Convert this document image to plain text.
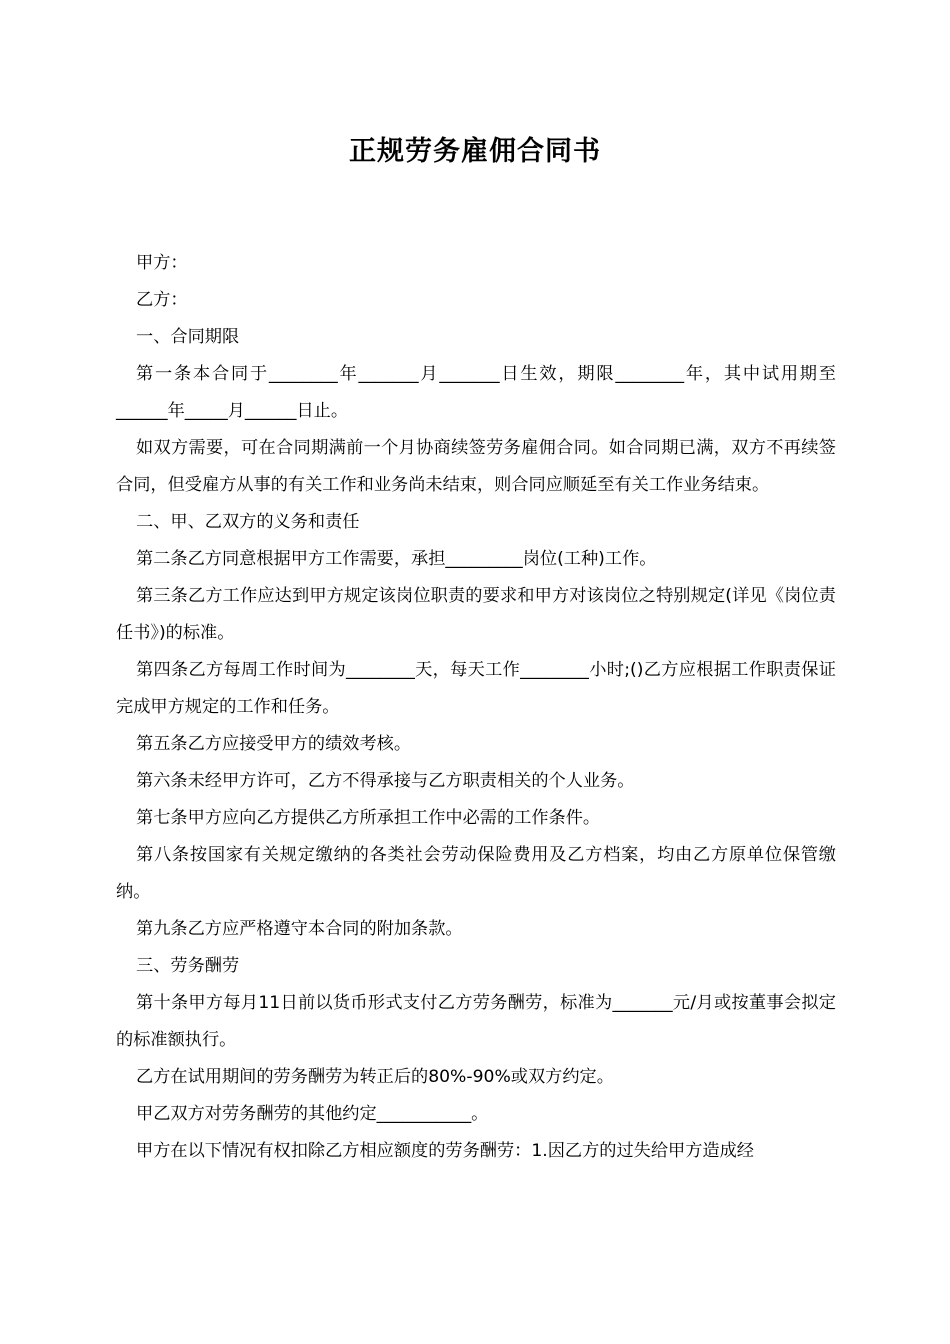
正规劳务雇佣合同书

甲方：

乙方：

一、合同期限

第一条本合同于________年_______月_______日生效，期限________年，其中试用期至______年_____月______日止。

如双方需要，可在合同期满前一个月协商续签劳务雇佣合同。如合同期已满，双方不再续签合同，但受雇方从事的有关工作和业务尚未结束，则合同应顺延至有关工作业务结束。

二、甲、乙双方的义务和责任

第二条乙方同意根据甲方工作需要，承担_________岗位(工种)工作。

第三条乙方工作应达到甲方规定该岗位职责的要求和甲方对该岗位之特别规定(详见《岗位责任书》)的标准。

第四条乙方每周工作时间为________天，每天工作________小时;()乙方应根据工作职责保证完成甲方规定的工作和任务。

第五条乙方应接受甲方的绩效考核。

第六条未经甲方许可，乙方不得承接与乙方职责相关的个人业务。

第七条甲方应向乙方提供乙方所承担工作中必需的工作条件。

第八条按国家有关规定缴纳的各类社会劳动保险费用及乙方档案，均由乙方原单位保管缴纳。

第九条乙方应严格遵守本合同的附加条款。

三、劳务酬劳

第十条甲方每月11日前以货币形式支付乙方劳务酬劳，标准为_______元/月或按董事会拟定的标准额执行。

乙方在试用期间的劳务酬劳为转正后的80%-90%或双方约定。

甲乙双方对劳务酬劳的其他约定___________。

甲方在以下情况有权扣除乙方相应额度的劳务酬劳：1.因乙方的过失给甲方造成经
